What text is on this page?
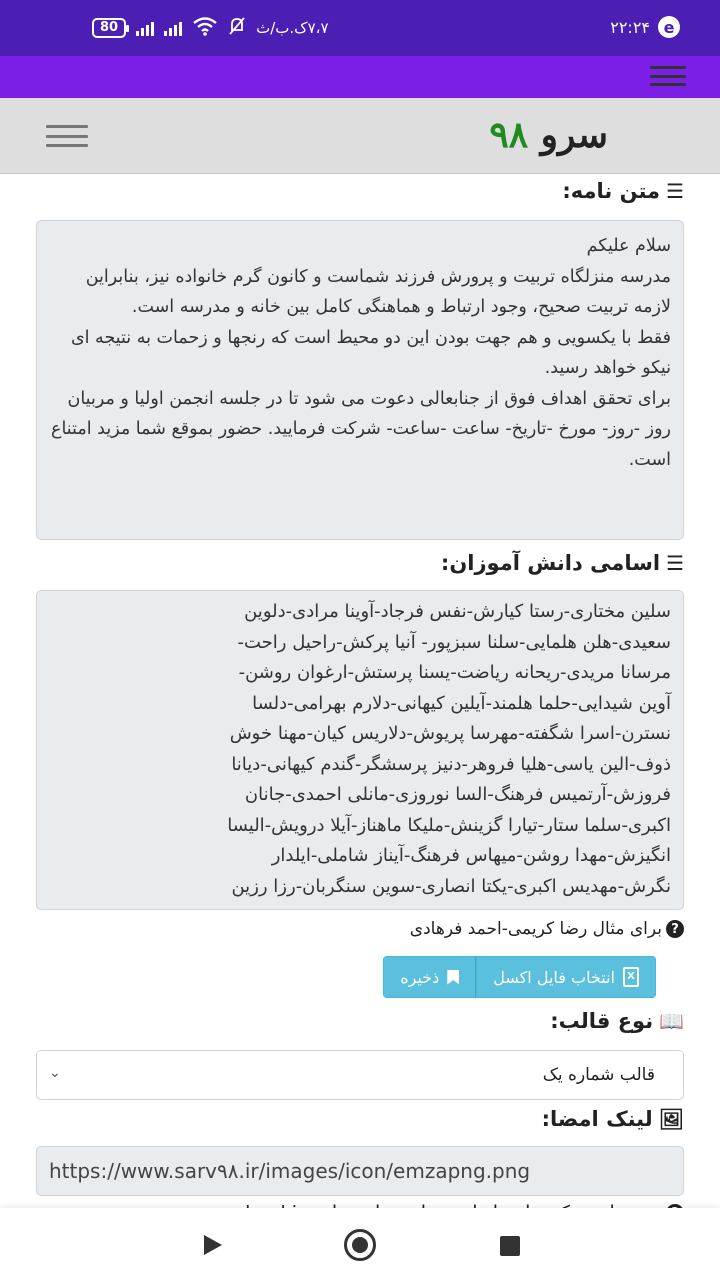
80	۷،۷ک.ب/ث	۲۲:۲۴ e
سرو ۹۸
☰
متن نامه:
سلام علیکم
مدرسه منزلگاه تربیت و پرورش فرزند شماست و کانون گرم خانواده نیز، بنابراین لازمه تربیت صحیح، وجود ارتباط و هماهنگی کامل بین خانه و مدرسه است.
فقط با یکسویی و هم جهت بودن این دو محیط است که رنجها و زحمات به نتیجه ای نیکو خواهد رسید.
برای تحقق اهداف فوق از جنابعالی دعوت می شود تا در جلسه انجمن اولیا و مربیان روز -روز- مورخ -تاریخ- ساعت -ساعت- شرکت فرمایید. حضور بموقع شما مزید امتناع است.
☰
اسامی دانش آموزان:
سلین مختاری-رستا کیارش-نفس فرجاد-آوینا مرادی-دلوین
سعیدی-هلن هلمایی-سلنا سبزپور- آنیا پرکش-راحیل راحت-
مرسانا مریدی-ریحانه ریاضت-یسنا پرستش-ارغوان روشن-
آوین شیدایی-حلما هلمند-آیلین کیهانی-دلارم بهرامی-دلسا
نسترن-اسرا شگفته-مهرسا پریوش-دلاریس کیان-مهنا خوش
ذوف-الین یاسی-هلیا فروهر-دنیز پرسشگر-گندم کیهانی-دیانا
فروزش-آرتمیس فرهنگ-السا نوروزی-مانلی احمدی-جانان
اکبری-سلما ستار-تیارا گزینش-ملیکا ماهناز-آیلا درویش-الیسا
انگیزش-مهدا روشن-میهاس فرهنگ-آیناز شاملی-ایلدار
نگرش-مهدیس اکبری-یکتا انصاری-سوین سنگربان-رزا رزین
?
برای مثال رضا کریمی-احمد فرهادی
X
انتخاب فایل اکسل
ذخیره
📖
نوع قالب:
قالب شماره یک
⌄
🖼
لینک امضا:
https://www.sarv۹۸.ir/images/icon/emzapng.png
